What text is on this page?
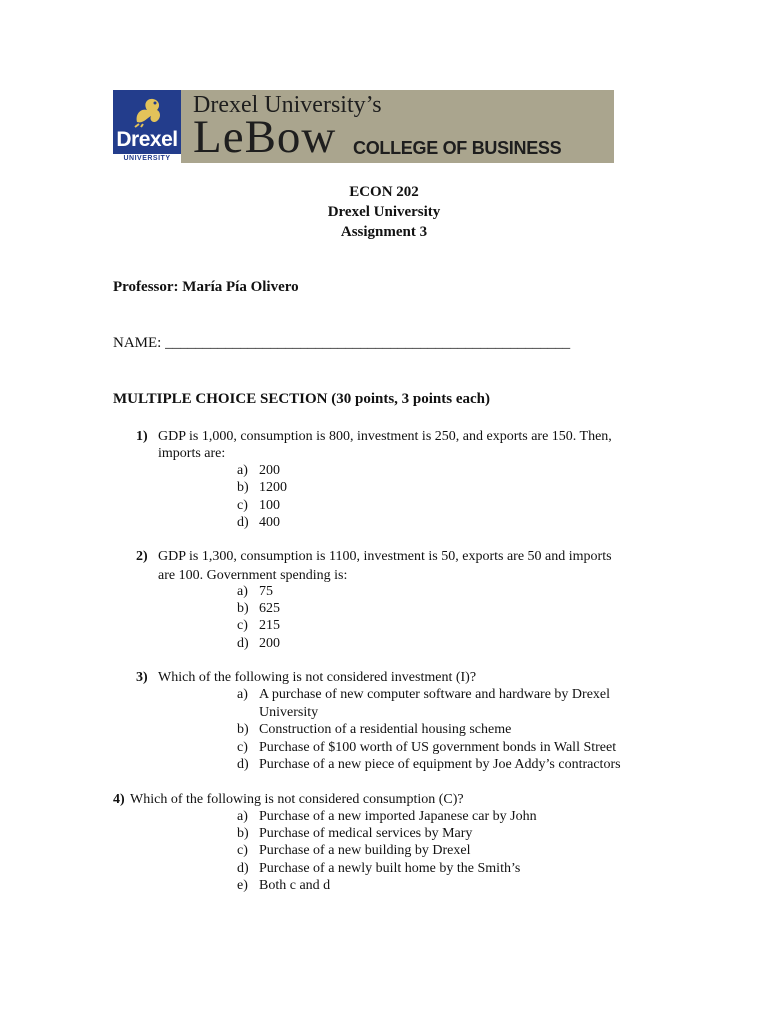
Drexel
UNIVERSITY
Drexel University’s
LeBow COLLEGE OF BUSINESS
ECON 202
Drexel University
Assignment 3
Professor: María Pía Olivero
NAME: ______________________________________________________
MULTIPLE CHOICE SECTION (30 points, 3 points each)
1) GDP is 1,000, consumption is 800, investment is 250, and exports are 150. Then,
imports are:
a) 200
b) 1200
c) 100
d) 400
2) GDP is 1,300, consumption is 1100, investment is 50, exports are 50 and imports
are 100. Government spending is:
a) 75
b) 625
c) 215
d) 200
3) Which of the following is not considered investment (I)?
a) A purchase of new computer software and hardware by Drexel
University
b) Construction of a residential housing scheme
c) Purchase of $100 worth of US government bonds in Wall Street
d) Purchase of a new piece of equipment by Joe Addy’s contractors
4) Which of the following is not considered consumption (C)?
a) Purchase of a new imported Japanese car by John
b) Purchase of medical services by Mary
c) Purchase of a new building by Drexel
d) Purchase of a newly built home by the Smith’s
e) Both c and d
